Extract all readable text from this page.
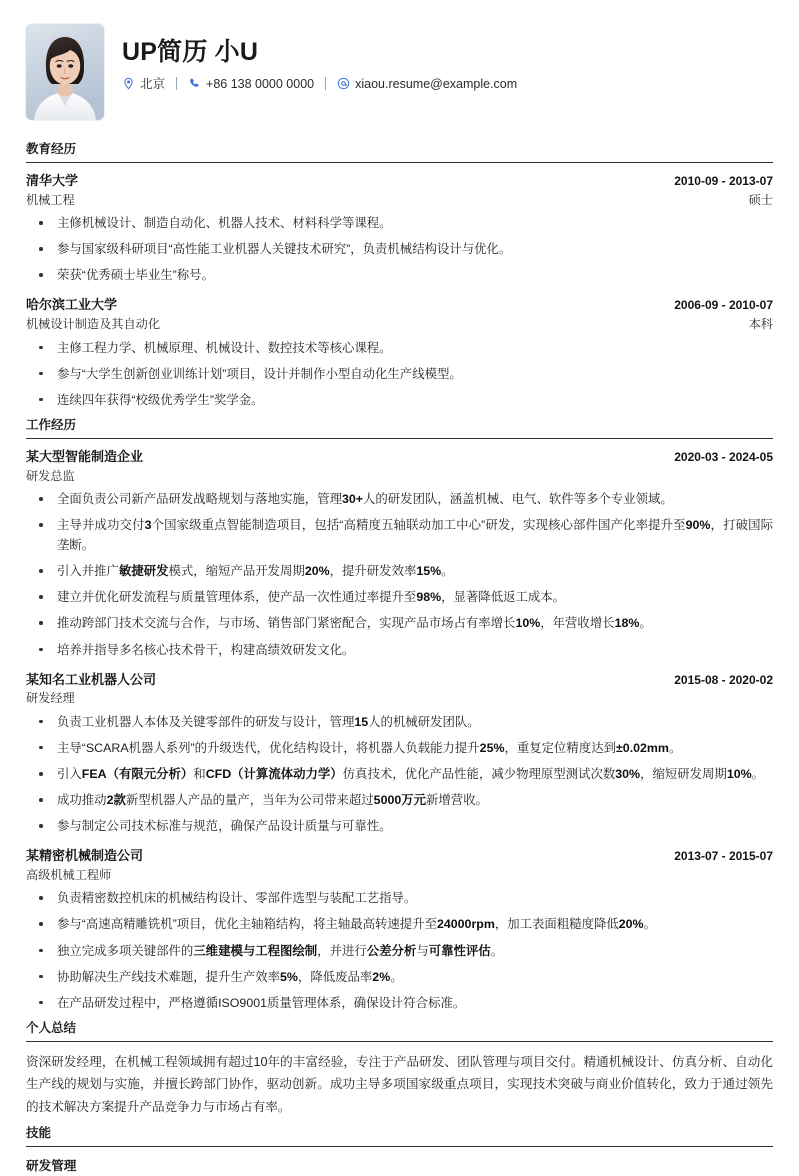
UP简历 小U
北京	+86 138 0000 0000	xiaou.resume@example.com
教育经历
清华大学	2010-09 - 2013-07
机械工程	硕士
主修机械设计、制造自动化、机器人技术、材料科学等课程。
参与国家级科研项目“高性能工业机器人关键技术研究”，负责机械结构设计与优化。
荣获“优秀硕士毕业生”称号。
哈尔滨工业大学	2006-09 - 2010-07
机械设计制造及其自动化	本科
主修工程力学、机械原理、机械设计、数控技术等核心课程。
参与“大学生创新创业训练计划”项目，设计并制作小型自动化生产线模型。
连续四年获得“校级优秀学生”奖学金。
工作经历
某大型智能制造企业	2020-03 - 2024-05
研发总监
全面负责公司新产品研发战略规划与落地实施，管理30+人的研发团队，涵盖机械、电气、软件等多个专业领域。
主导并成功交付3个国家级重点智能制造项目，包括“高精度五轴联动加工中心”研发，实现核心部件国产化率提升至90%，打破国际垄断。
引入并推广敏捷研发模式，缩短产品开发周期20%，提升研发效率15%。
建立并优化研发流程与质量管理体系，使产品一次性通过率提升至98%，显著降低返工成本。
推动跨部门技术交流与合作，与市场、销售部门紧密配合，实现产品市场占有率增长10%，年营收增长18%。
培养并指导多名核心技术骨干，构建高绩效研发文化。
某知名工业机器人公司	2015-08 - 2020-02
研发经理
负责工业机器人本体及关键零部件的研发与设计，管理15人的机械研发团队。
主导“SCARA机器人系列”的升级迭代，优化结构设计，将机器人负载能力提升25%，重复定位精度达到±0.02mm。
引入FEA（有限元分析）和CFD（计算流体动力学）仿真技术，优化产品性能，减少物理原型测试次数30%，缩短研发周期10%。
成功推动2款新型机器人产品的量产，当年为公司带来超过5000万元新增营收。
参与制定公司技术标准与规范，确保产品设计质量与可靠性。
某精密机械制造公司	2013-07 - 2015-07
高级机械工程师
负责精密数控机床的机械结构设计、零部件选型与装配工艺指导。
参与“高速高精雕铣机”项目，优化主轴箱结构，将主轴最高转速提升至24000rpm，加工表面粗糙度降低20%。
独立完成多项关键部件的三维建模与工程图绘制，并进行公差分析与可靠性评估。
协助解决生产线技术难题，提升生产效率5%，降低废品率2%。
在产品研发过程中，严格遵循ISO9001质量管理体系，确保设计符合标准。
个人总结
资深研发经理，在机械工程领域拥有超过10年的丰富经验，专注于产品研发、团队管理与项目交付。精通机械设计、仿真分析、自动化生产线的规划与实施，并擅长跨部门协作，驱动创新。成功主导多项国家级重点项目，实现技术突破与商业价值转化，致力于通过领先的技术解决方案提升产品竞争力与市场占有率。
技能
研发管理
